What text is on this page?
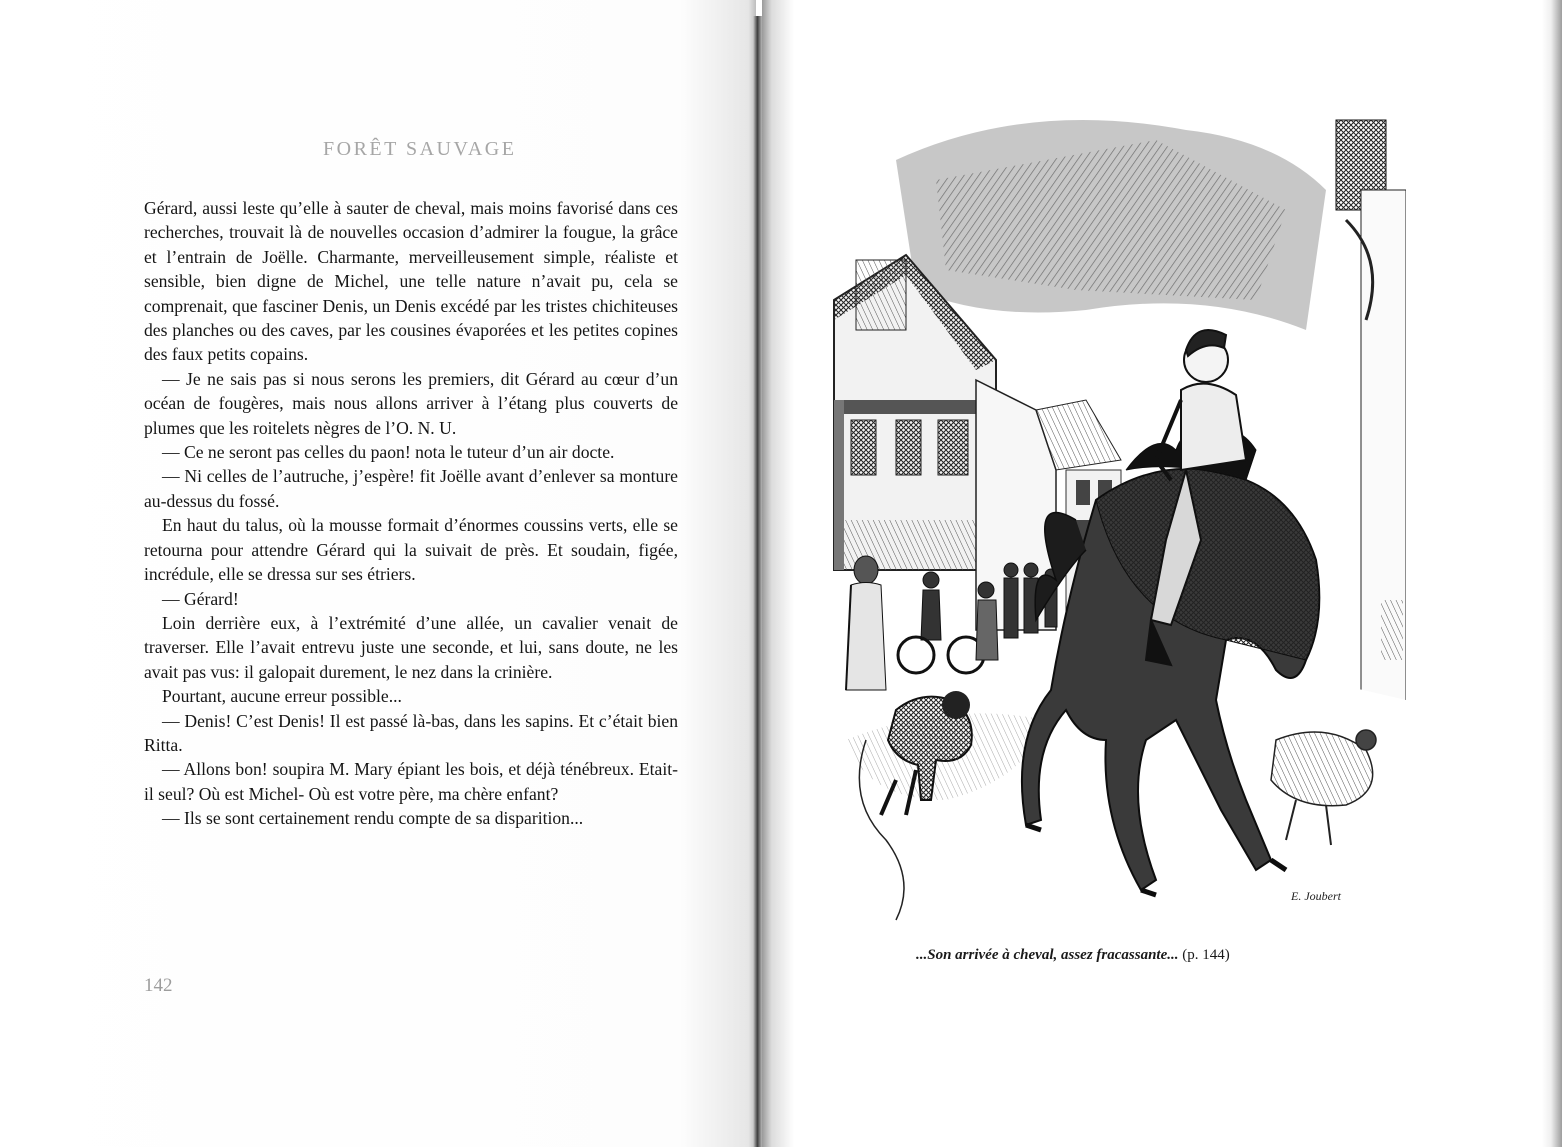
FORÊT SAUVAGE

Gérard, aussi leste qu’elle à sauter de cheval, mais moins favorisé dans ces recherches, trouvait là de nouvelles occasion d’admirer la fougue, la grâce et l’entrain de Joëlle. Charmante, merveilleusement simple, réaliste et sensible, bien digne de Michel, une telle nature n’avait pu, cela se comprenait, que fasciner Denis, un Denis excédé par les tristes chichiteuses des planches ou des caves, par les cousines évaporées et les petites copines des faux petits copains.

— Je ne sais pas si nous serons les premiers, dit Gérard au cœur d’un océan de fougères, mais nous allons arriver à l’étang plus couverts de plumes que les roitelets nègres de l’O. N. U.

— Ce ne seront pas celles du paon! nota le tuteur d’un air docte.

— Ni celles de l’autruche, j’espère! fit Joëlle avant d’enlever sa monture au-dessus du fossé.

En haut du talus, où la mousse formait d’énormes coussins verts, elle se retourna pour attendre Gérard qui la suivait de près. Et soudain, figée, incrédule, elle se dressa sur ses étriers.

— Gérard!

Loin derrière eux, à l’extrémité d’une allée, un cavalier venait de traverser. Elle l’avait entrevu juste une seconde, et lui, sans doute, ne les avait pas vus: il galopait durement, le nez dans la crinière.

Pourtant, aucune erreur possible...

— Denis! C’est Denis! Il est passé là-bas, dans les sapins. Et c’était bien Ritta.

— Allons bon! soupira M. Mary épiant les bois, et déjà ténébreux. Etait-il seul? Où est Michel- Où est votre père, ma chère enfant?

— Ils se sont certainement rendu compte de sa disparition...

142
E. Joubert
...Son arrivée à cheval, assez fracassante... (p. 144)
